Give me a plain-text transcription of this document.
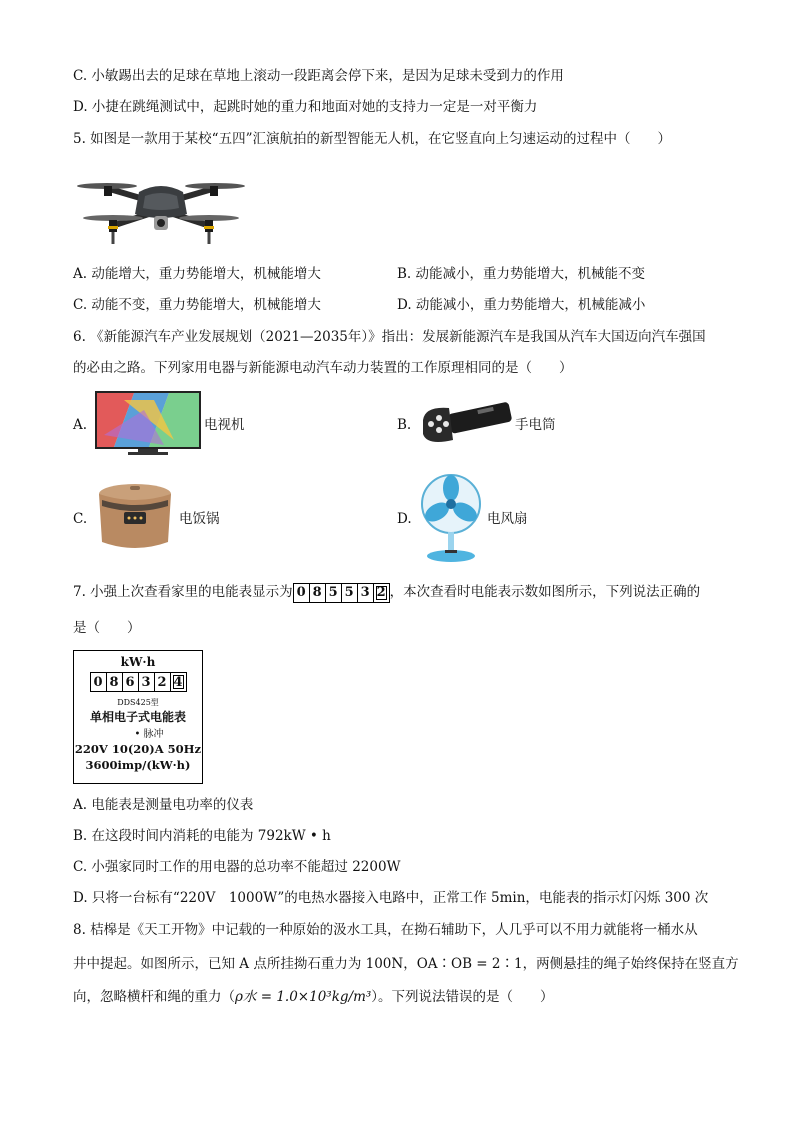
C. 小敏踢出去的足球在草地上滚动一段距离会停下来，是因为足球未受到力的作用
D. 小捷在跳绳测试中，起跳时她的重力和地面对她的支持力一定是一对平衡力
5. 如图是一款用于某校“五四”汇演航拍的新型智能无人机，在它竖直向上匀速运动的过程中（　　）
A. 动能增大，重力势能增大，机械能增大	B. 动能减小，重力势能增大，机械能不变
C. 动能不变，重力势能增大，机械能增大	D. 动能减小，重力势能增大，机械能减小
6. 《新能源汽车产业发展规划（2021—2035年）》指出：发展新能源汽车是我国从汽车大国迈向汽车强国
的必由之路。下列家用电器与新能源电动汽车动力装置的工作原理相同的是（　　）
A.	电视机	B.	手电筒
C.	电饭锅	D.	电风扇
7. 小强上次查看家里的电能表显示为 0 8 5 5 3 2 ，本次查看时电能表示数如图所示，下列说法正确的
是（　　）
kW·h
0 8 6 3 2 4
DDS425型
单相电子式电能表
• 脉冲
220V 10(20)A 50Hz
3600imp/(kW·h)
A. 电能表是测量电功率的仪表
B. 在这段时间内消耗的电能为 792kW • h
C. 小强家同时工作的用电器的总功率不能超过 2200W
D. 只将一台标有“220V　1000W”的电热水器接入电路中，正常工作 5min，电能表的指示灯闪烁 300 次
8. 桔槔是《天工开物》中记载的一种原始的汲水工具，在拗石辅助下，人几乎可以不用力就能将一桶水从
井中提起。如图所示，已知 A 点所挂拗石重力为 100N，OA∶OB = 2∶1，两侧悬挂的绳子始终保持在竖直方
向，忽略横杆和绳的重力（ρ水 = 1.0×10³kg/m³）。下列说法错误的是（　　）
